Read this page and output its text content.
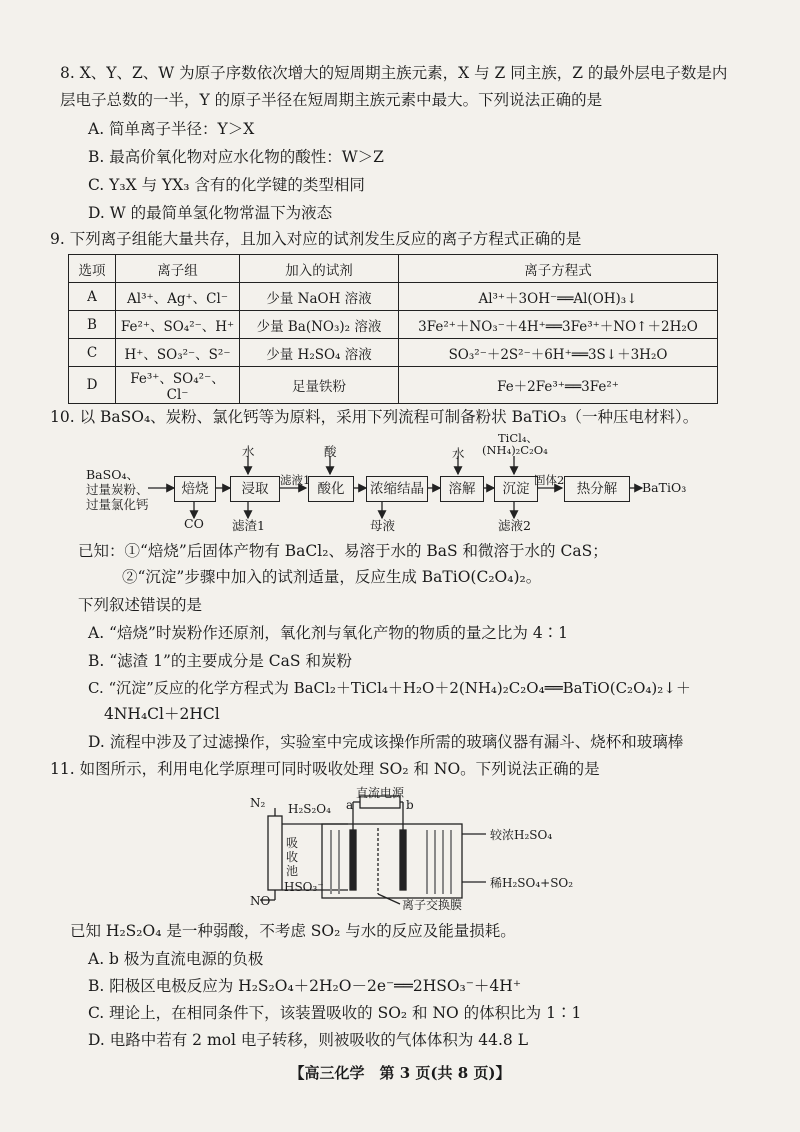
8. X、Y、Z、W 为原子序数依次增大的短周期主族元素，X 与 Z 同主族，Z 的最外层电子数是内
层电子总数的一半，Y 的原子半径在短周期主族元素中最大。下列说法正确的是
A. 简单离子半径：Y＞X
B. 最高价氧化物对应水化物的酸性：W＞Z
C. Y₃X 与 YX₃ 含有的化学键的类型相同
D. W 的最简单氢化物常温下为液态
9. 下列离子组能大量共存，且加入对应的试剂发生反应的离子方程式正确的是
选项	离子组	加入的试剂	离子方程式
A	Al³⁺、Ag⁺、Cl⁻	少量 NaOH 溶液	Al³⁺＋3OH⁻══Al(OH)₃↓
B	Fe²⁺、SO₄²⁻、H⁺	少量 Ba(NO₃)₂ 溶液	3Fe²⁺＋NO₃⁻＋4H⁺══3Fe³⁺＋NO↑＋2H₂O
C	H⁺、SO₃²⁻、S²⁻	少量 H₂SO₄ 溶液	SO₃²⁻＋2S²⁻＋6H⁺══3S↓＋3H₂O
D	Fe³⁺、SO₄²⁻、Cl⁻	足量铁粉	Fe＋2Fe³⁺══3Fe²⁺
10. 以 BaSO₄、炭粉、氯化钙等为原料，采用下列流程可制备粉状 BaTiO₃（一种压电材料）。
BaSO₄、
过量炭粉、
过量氯化钙
焙烧	浸取	酸化	浓缩结晶	溶解	沉淀	热分解
水	酸	水
TiCl₄、
(NH₄)₂C₂O₄
滤液1	固体2	BaTiO₃
CO 滤渣1	母液	滤液2
已知：①“焙烧”后固体产物有 BaCl₂、易溶于水的 BaS 和微溶于水的 CaS；
②“沉淀”步骤中加入的试剂适量，反应生成 BaTiO(C₂O₄)₂。
下列叙述错误的是
A. “焙烧”时炭粉作还原剂，氧化剂与氧化产物的物质的量之比为 4∶1
B. “滤渣 1”的主要成分是 CaS 和炭粉
C. “沉淀”反应的化学方程式为 BaCl₂＋TiCl₄＋H₂O＋2(NH₄)₂C₂O₄══BaTiO(C₂O₄)₂↓＋
4NH₄Cl＋2HCl
D. 流程中涉及了过滤操作，实验室中完成该操作所需的玻璃仪器有漏斗、烧杯和玻璃棒
11. 如图所示，利用电化学原理可同时吸收处理 SO₂ 和 NO。下列说法正确的是
N₂ H₂S₂O₄
直流电源
a	b
吸收池
较浓H₂SO₄
稀H₂SO₄+SO₂
NO
HSO₃⁻
离子交换膜
已知 H₂S₂O₄ 是一种弱酸，不考虑 SO₂ 与水的反应及能量损耗。
A. b 极为直流电源的负极
B. 阳极区电极反应为 H₂S₂O₄＋2H₂O－2e⁻══2HSO₃⁻＋4H⁺
C. 理论上，在相同条件下，该装置吸收的 SO₂ 和 NO 的体积比为 1∶1
D. 电路中若有 2 mol 电子转移，则被吸收的气体体积为 44.8 L
【高三化学　第 3 页(共 8 页)】
